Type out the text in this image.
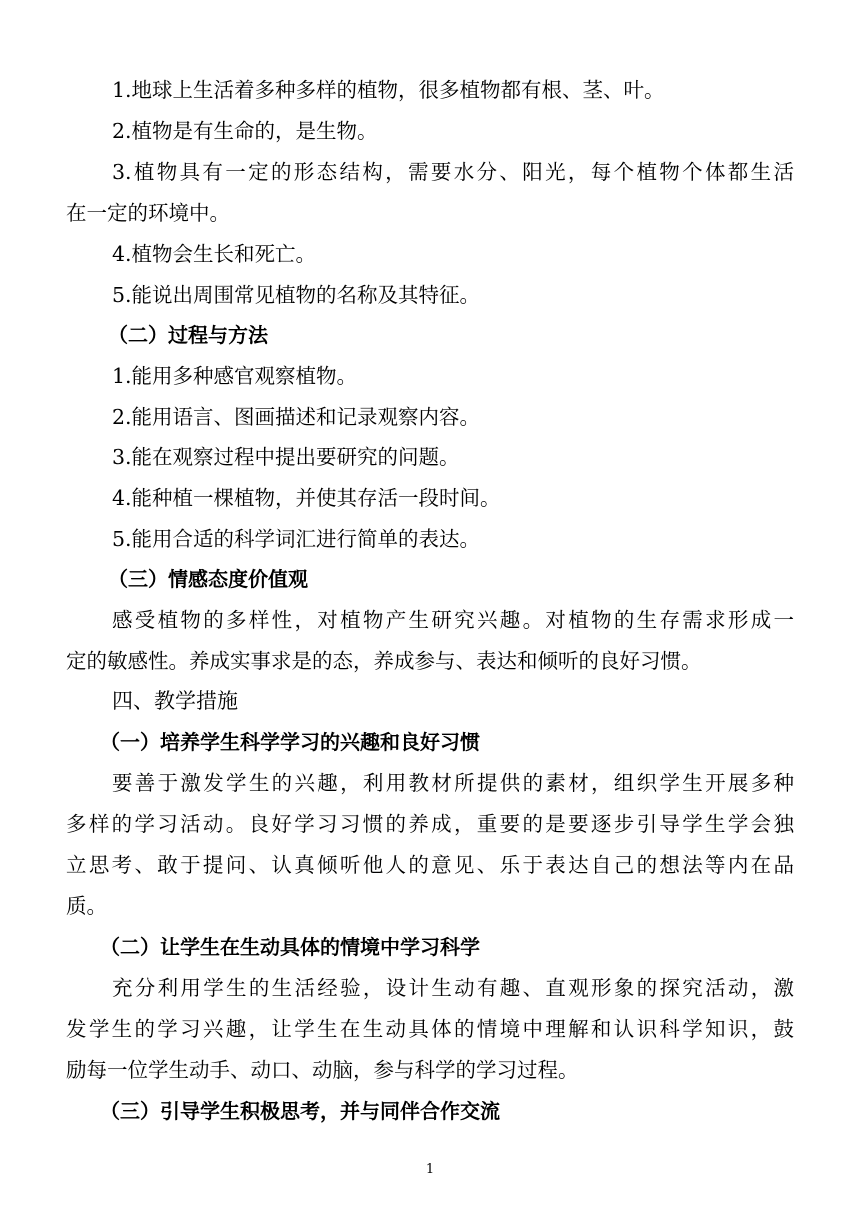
1.地球上生活着多种多样的植物，很多植物都有根、茎、叶。
2.植物是有生命的，是生物。
3.植物具有一定的形态结构，需要水分、阳光，每个植物个体都生活
在一定的环境中。
4.植物会生长和死亡。
5.能说出周围常见植物的名称及其特征。
（二）过程与方法
1.能用多种感官观察植物。
2.能用语言、图画描述和记录观察内容。
3.能在观察过程中提出要研究的问题。
4.能种植一棵植物，并使其存活一段时间。
5.能用合适的科学词汇进行简单的表达。
（三）情感态度价值观
感受植物的多样性，对植物产生研究兴趣。对植物的生存需求形成一
定的敏感性。养成实事求是的态，养成参与、表达和倾听的良好习惯。
四、教学措施
（一）培养学生科学学习的兴趣和良好习惯
要善于激发学生的兴趣，利用教材所提供的素材，组织学生开展多种
多样的学习活动。良好学习习惯的养成，重要的是要逐步引导学生学会独
立思考、敢于提问、认真倾听他人的意见、乐于表达自己的想法等内在品
质。
（二）让学生在生动具体的情境中学习科学
充分利用学生的生活经验，设计生动有趣、直观形象的探究活动，激
发学生的学习兴趣，让学生在生动具体的情境中理解和认识科学知识，鼓
励每一位学生动手、动口、动脑，参与科学的学习过程。
（三）引导学生积极思考，并与同伴合作交流
1
